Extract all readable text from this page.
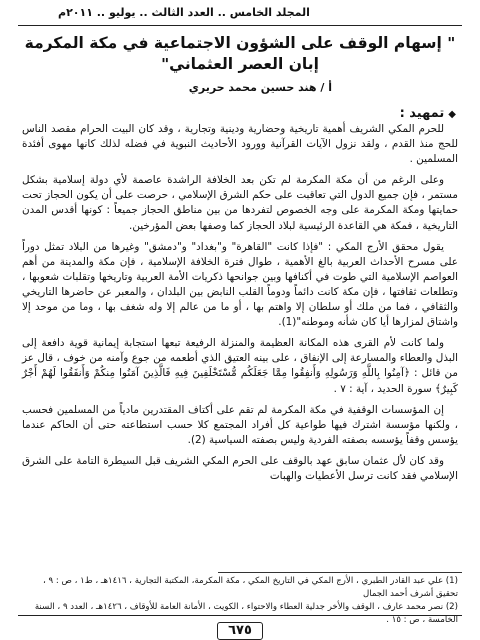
المجلد الخامس .. العدد الثالث .. يوليو .. ٢٠١١م
" إسهام الوقف على الشؤون الاجتماعية في مكة المكرمة إبان العصر العثماني"
أ / هند حسين محمد حريري
◆تمهيد :

للحرم المكي الشريف أهمية تاريخية وحضارية ودينية وتجارية ، وقد كان البيت الحرام مقصد الناس للحج منذ القدم ، ولقد نزول الآيات القرآنية وورود الأحاديث النبوية في فضله لذلك كانها مهوى أفئدة المسلمين .

وعلى الرغم من أن مكة المكرمة لم تكن بعد الخلافة الراشدة عاصمة لأي دولة إسلامية بشكل مستمر ، فإن جميع الدول التي تعاقبت على حكم الشرق الإسلامي ، حرصت على أن يكون الحجاز تحت حمايتها ومكة المكرمة على وجه الخصوص لتفردها من بين مناطق الحجاز جميعاً : كونها أقدس المدن التاريخية ، فمكة هي القاعدة الرئيسية لبلاد الحجاز كما وصفها بعض المؤرخين.

يقول محقق الأرج المكي : "فإذا كانت "القاهرة" و"بغداد" و"دمشق" وغيرها من البلاد تمثل دوراً على مسرح الأحداث العربية بالغ الأهمية ، طوال فترة الخلافة الإسلامية ، فإن مكة والمدينة من أهم العواصم الإسلامية التي طوت في أكنافها وبين جوانحها ذكريات الأمة العربية وتاريخها وتقلبات شعوبها ، وتطلعات ثقافتها ، فإن مكة كانت دائماً ودوماً القلب النابض بين البلدان ، والمعبر عن حاضرها التاريخي والثقافي ، فما من ملك أو سلطان إلا واهتم بها ، أو ما من عالم إلا وله شغف بها ، وما من موحد إلا واشتاق لمزارها أيا كان شأنه وموطنه"(1).

ولما كانت لأم القرى هذه المكانة العظيمة والمنزلة الرفيعة تبعها استجابة إيمانية قوية دافعة إلى البذل والعطاء والمسارعة إلى الإنفاق ، على بينه العتيق الذي أطعمه من جوع وآمنه من خوف ، قال عز من قائل : ﴿آمِنُوا بِاللَّهِ وَرَسُولِهِ وَأَنفِقُوا مِمَّا جَعَلَكُم مُّسْتَخْلَفِينَ فِيهِ فَالَّذِينَ آمَنُوا مِنكُمْ وَأَنفَقُوا لَهُمْ أَجْرٌ كَبِيرٌ﴾ سورة الحديد ، آية : ٧ .

إن المؤسسات الوقفية في مكة المكرمة لم تقم على أكتاف المقتدرين مادياً من المسلمين فحسب ، ولكنها مؤسسة اشترك فيها طواعية كل أفراد المجتمع كلا حسب استطاعته حتى أن الحاكم عندما يؤسس وقفاً يؤسسه بصفته الفردية وليس بصفته السياسية (2).

وقد كان لأل عثمان سابق عهد بالوقف على الحرم المكي الشريف قبل السيطرة التامة على الشرق الإسلامي فقد كانت ترسل الأعطيات والهبات

(1) علي عبد القادر الطبري ، الأرج المكي في التاريخ المكي ، مكة المكرمة، المكتبة التجارية ، ١٤١٦هـ ، ط١ ، ص : ٩ ، تحقيق أشرف أحمد الجمال

(2) نصر محمد عارف ، الوقف والأخر جدلية العطاء والاحتواء ، الكويت ، الأمانة العامة للأوقاف ، ١٤٢٦هـ ، العدد ٩ ، السنة الخامسة ، ص : ١٥ .

٦٧٥
